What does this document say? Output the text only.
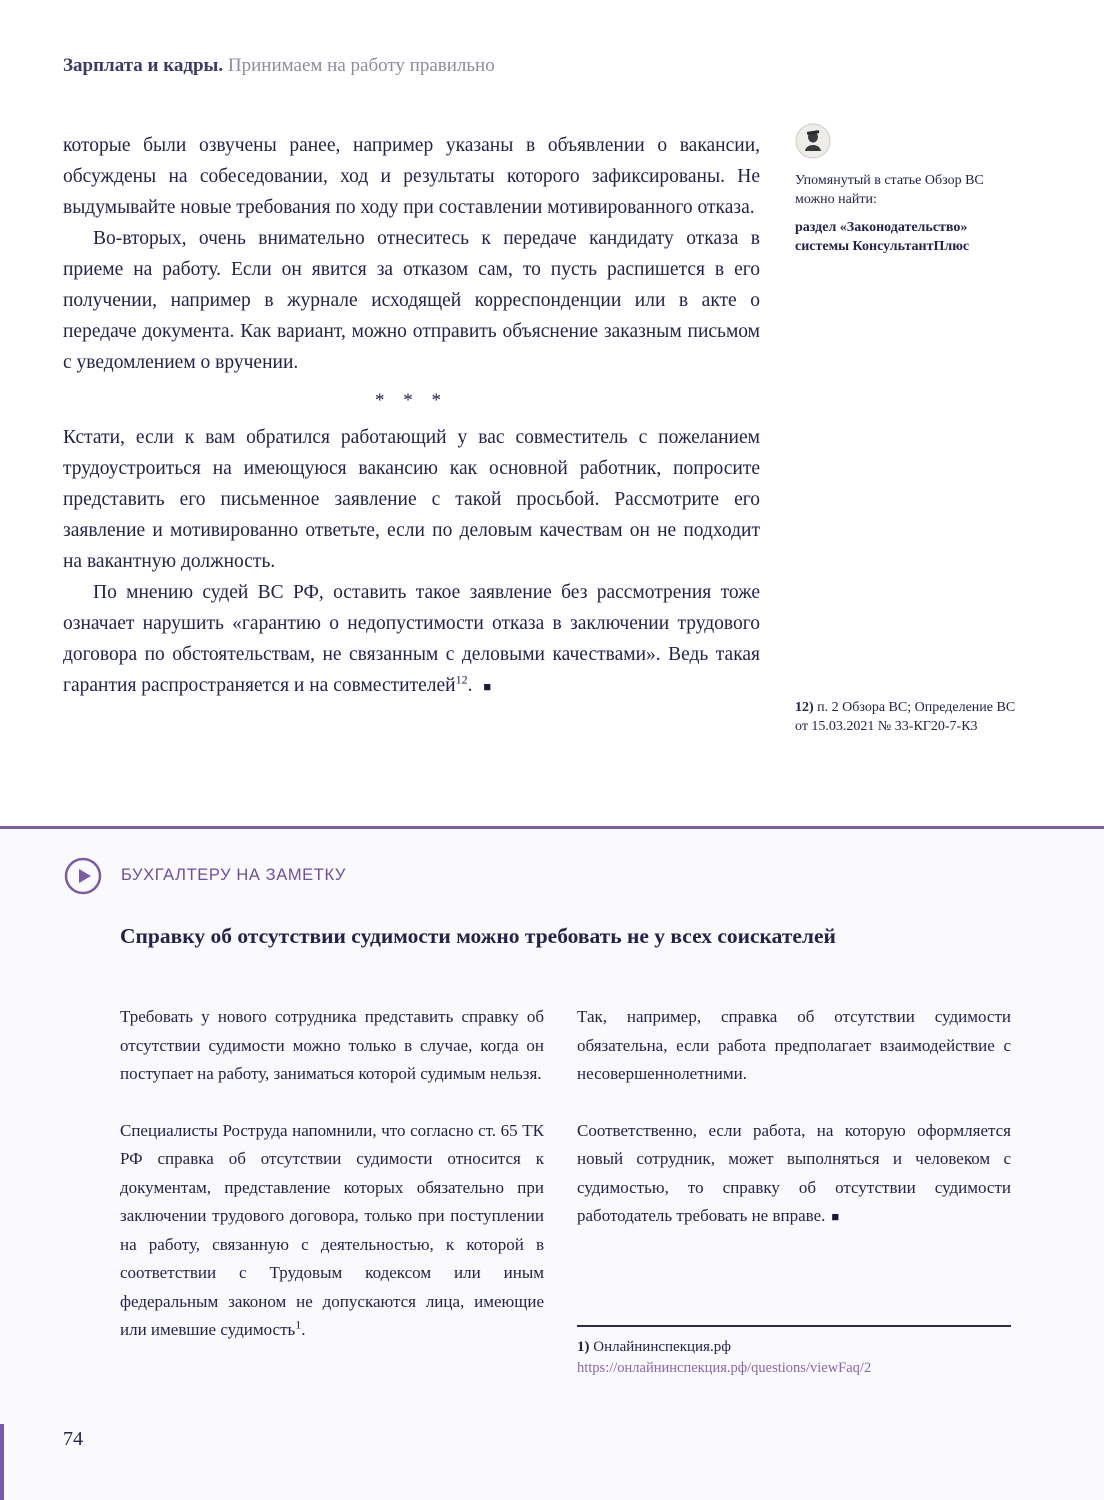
Зарплата и кадры. Принимаем на работу правильно

которые были озвучены ранее, например указаны в объявлении о вакансии, обсуждены на собеседовании, ход и результаты которого зафиксированы. Не выдумывайте новые требования по ходу при составлении мотивированного отказа.

Во-вторых, очень внимательно отнеситесь к передаче кандидату отказа в приеме на работу. Если он явится за отказом сам, то пусть распишется в его получении, например в журнале исходящей корреспонденции или в акте о передаче документа. Как вариант, можно отправить объяснение заказным письмом с уведомлением о вручении.

* * *

Кстати, если к вам обратился работающий у вас совместитель с пожеланием трудоустроиться на имеющуюся вакансию как основной работник, попросите представить его письменное заявление с такой просьбой. Рассмотрите его заявление и мотивированно ответьте, если по деловым качествам он не подходит на вакантную должность.

По мнению судей ВС РФ, оставить такое заявление без рассмотрения тоже означает нарушить «гарантию о недопустимости отказа в заключении трудового договора по обстоятельствам, не связанным с деловыми качествами». Ведь такая гарантия распространяется и на совместителей$^{12}$. ■

Упомянутый в статье Обзор ВС можно найти:

раздел «Законодательство» системы КонсультантПлюс

12) п. 2 Обзора ВС; Определение ВС от 15.03.2021 № 33-КГ20-7-К3
БУХГАЛТЕРУ НА ЗАМЕТКУ
Справку об отсутствии судимости можно требовать не у всех соискателей

Требовать у нового сотрудника представить справку об отсутствии судимости можно только в случае, когда он поступает на работу, заниматься которой судимым нельзя.

Специалисты Роструда напомнили, что согласно ст. 65 ТК РФ справка об отсутствии судимости относится к документам, представление которых обязательно при заключении трудового договора, только при поступлении на работу, связанную с деятельностью, к которой в соответствии с Трудовым кодексом или иным федеральным законом не допускаются лица, имеющие или имевшие судимость$^1$.

Так, например, справка об отсутствии судимости обязательна, если работа предполагает взаимодействие с несовершеннолетними.

Соответственно, если работа, на которую оформляется новый сотрудник, может выполняться и человеком с судимостью, то справку об отсутствии судимости работодатель требовать не вправе. ■

1) Онлайнинспекция.рф
https://онлайнинспекция.рф/questions/viewFaq/2
74
